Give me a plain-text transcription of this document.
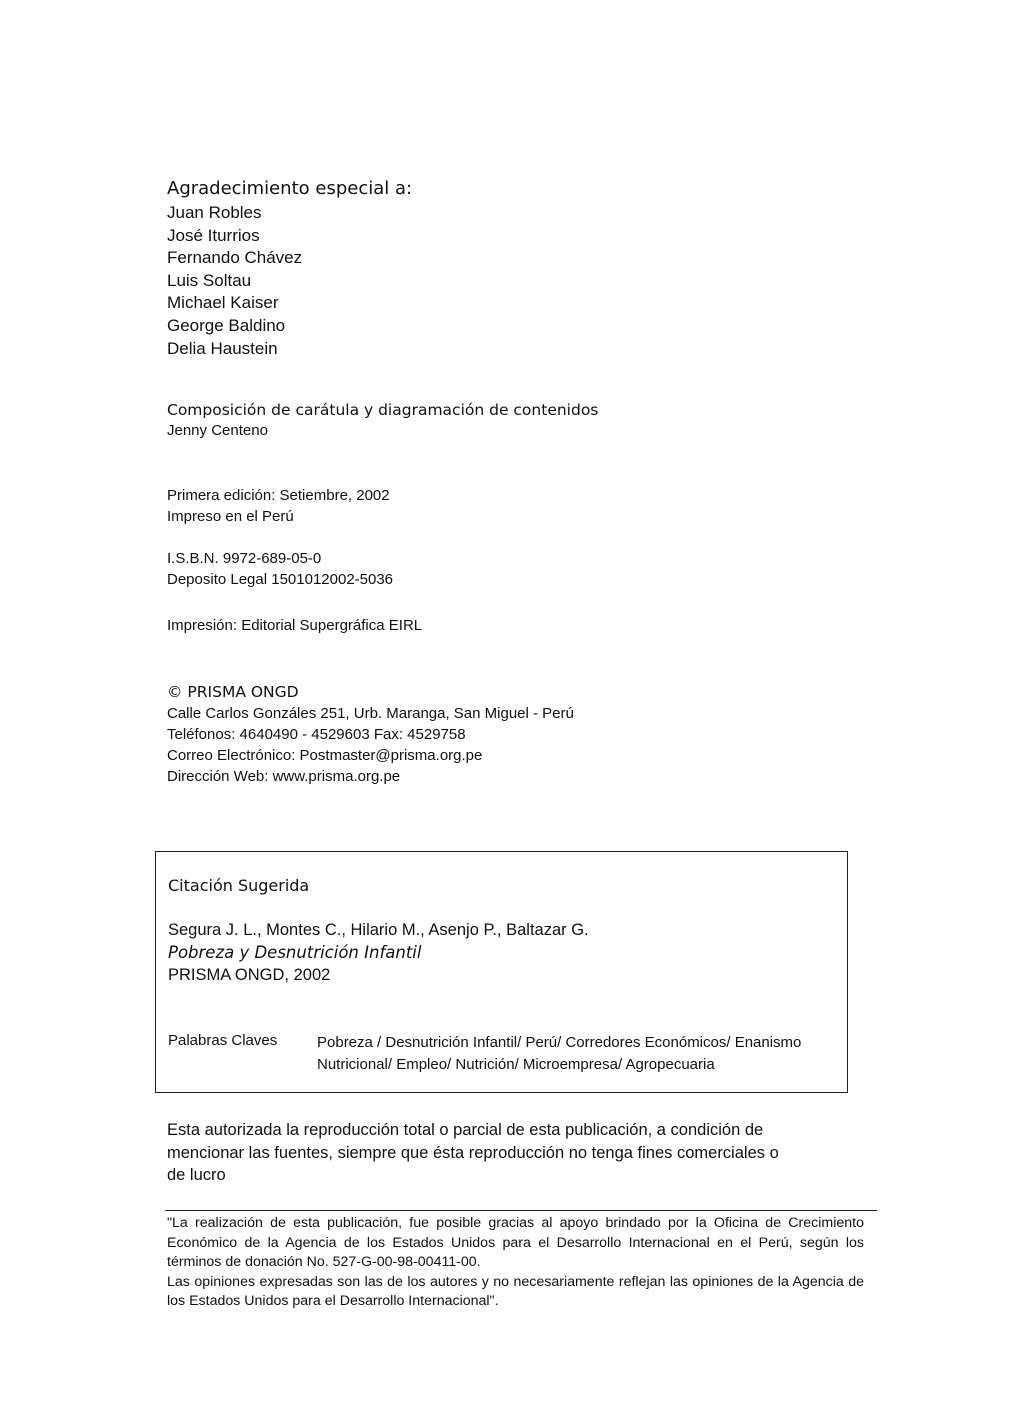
Agradecimiento especial a:
Juan Robles
José Iturrios
Fernando Chávez
Luis Soltau
Michael Kaiser
George Baldino
Delia Haustein
Composición de carátula y diagramación de contenidos
Jenny Centeno
Primera edición: Setiembre, 2002
Impreso en el Perú
I.S.B.N. 9972-689-05-0
Deposito Legal 1501012002-5036
Impresión: Editorial Supergráfica EIRL
© PRISMA ONGD
Calle Carlos Gonzáles 251, Urb. Maranga, San Miguel - Perú
Teléfonos: 4640490 - 4529603 Fax: 4529758
Correo Electrónico: Postmaster@prisma.org.pe
Dirección Web: www.prisma.org.pe
Citación Sugerida
Segura J. L., Montes C., Hilario M., Asenjo P., Baltazar G.
Pobreza y Desnutrición Infantil
PRISMA ONGD, 2002
Palabras Claves	Pobreza / Desnutrición Infantil/ Perú/ Corredores Económicos/ Enanismo
Nutricional/ Empleo/ Nutrición/ Microempresa/ Agropecuaria
Esta autorizada la reproducción total o parcial de esta publicación, a condición de
mencionar las fuentes, siempre que ésta reproducción no tenga fines comerciales o
de lucro

"La realización de esta publicación, fue posible gracias al apoyo brindado por la Oficina de Crecimiento Económico de la Agencia de los Estados Unidos para el Desarrollo Internacional en el Perú, según los términos de donación No. 527-G-00-98-00411-00.

Las opiniones expresadas son las de los autores y no necesariamente reflejan las opiniones de la Agencia de los Estados Unidos para el Desarrollo Internacional".
